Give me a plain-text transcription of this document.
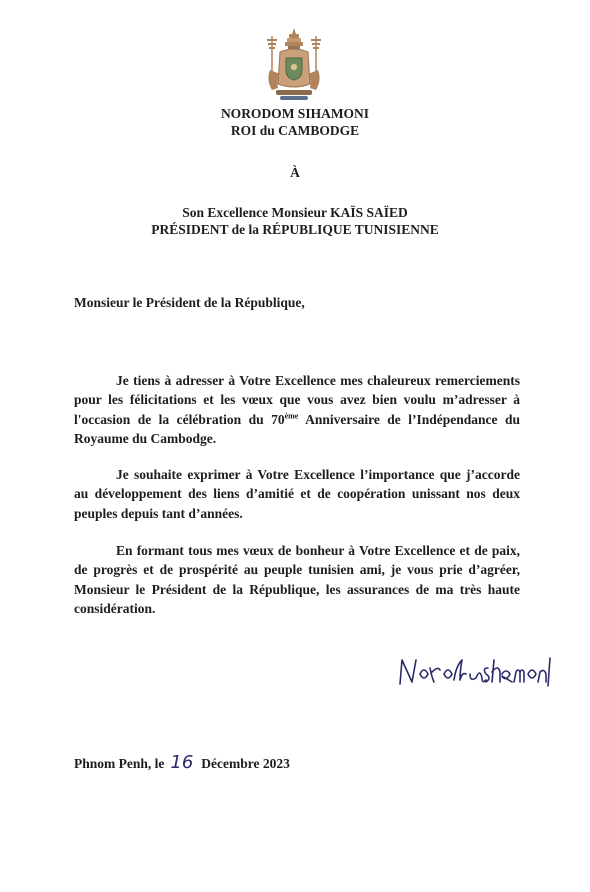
NORODOM SIHAMONI
ROI du CAMBODGE
À
Son Excellence Monsieur KAÏS SAÏED
PRÉSIDENT de la RÉPUBLIQUE TUNISIENNE
Monsieur le Président de la République,

Je tiens à adresser à Votre Excellence mes chaleureux remerciements pour les félicitations et les vœux que vous avez bien voulu m’adresser à l'occasion de la célébration du 70ème Anniversaire de l’Indépendance du Royaume du Cambodge.

Je souhaite exprimer à Votre Excellence l’importance que j’accorde au développement des liens d’amitié et de coopération unissant nos deux peuples depuis tant d’années.

En formant tous mes vœux de bonheur à Votre Excellence et de paix, de progrès et de prospérité au peuple tunisien ami, je vous prie d’agréer, Monsieur le Président de la République, les assurances de ma très haute considération.

Phnom Penh, le 16 Décembre 2023
